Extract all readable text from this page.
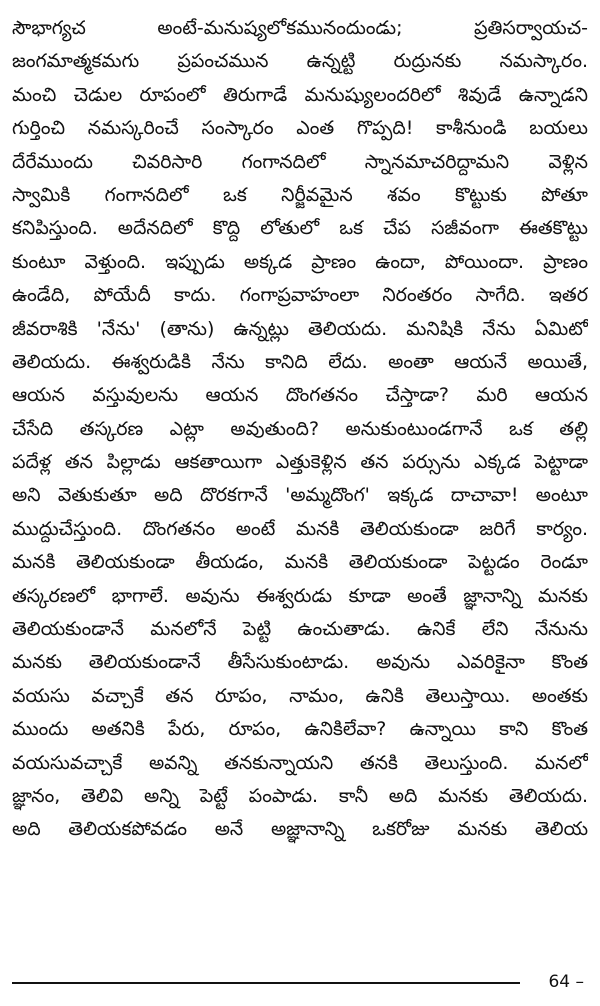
సౌభాగ్యచ అంటే-మనుష్యలోకమునందుండు; ప్రతిసర్వాయచ-
జంగమాత్మకమగు ప్రపంచమున ఉన్నట్టి రుద్రునకు నమస్కారం.
మంచి చెడుల రూపంలో తిరుగాడే మనుష్యులందరిలో శివుడే ఉన్నాడని
గుర్తించి నమస్కరించే సంస్కారం ఎంత గొప్పది! కాశీనుండి బయలు
దేరేముందు చివరిసారి గంగానదిలో స్నానమాచరిద్దామని వెళ్లిన
స్వామికి గంగానదిలో ఒక నిర్జీవమైన శవం కొట్టుకు పోతూ
కనిపిస్తుంది. అదేనదిలో కొద్ది లోతులో ఒక చేప సజీవంగా ఈతకొట్టు
కుంటూ వెళ్తుంది. ఇప్పుడు అక్కడ ప్రాణం ఉందా, పోయిందా. ప్రాణం
ఉండేది, పోయేదీ కాదు. గంగాప్రవాహంలా నిరంతరం సాగేది. ఇతర
జీవరాశికి 'నేను' (తాను) ఉన్నట్లు తెలియదు. మనిషికి నేను ఏమిటో
తెలియదు. ఈశ్వరుడికి నేను కానిది లేదు. అంతా ఆయనే అయితే,
ఆయన వస్తువులను ఆయన దొంగతనం చేస్తాడా? మరి ఆయన
చేసేది తస్కరణ ఎట్లా అవుతుంది? అనుకుంటుండగానే ఒక తల్లి
పదేళ్ల తన పిల్లాడు ఆకతాయిగా ఎత్తుకెళ్లిన తన పర్సును ఎక్కడ పెట్టాడా
అని వెతుకుతూ అది దొరకగానే 'అమ్మదొంగ' ఇక్కడ దాచావా! అంటూ
ముద్దుచేస్తుంది. దొంగతనం అంటే మనకి తెలియకుండా జరిగే కార్యం.
మనకి తెలియకుండా తీయడం, మనకి తెలియకుండా పెట్టడం రెండూ
తస్కరణలో భాగాలే. అవును ఈశ్వరుడు కూడా అంతే జ్ఞానాన్ని మనకు
తెలియకుండానే మనలోనే పెట్టి ఉంచుతాడు. ఉనికే లేని నేనును
మనకు తెలియకుండానే తీసేసుకుంటాడు. అవును ఎవరికైనా కొంత
వయసు వచ్చాకే తన రూపం, నామం, ఉనికి తెలుస్తాయి. అంతకు
ముందు అతనికి పేరు, రూపం, ఉనికిలేవా? ఉన్నాయి కాని కొంత
వయసువచ్చాకే అవన్ని తనకున్నాయని తనకి తెలుస్తుంది. మనలో
జ్ఞానం, తెలివి అన్ని పెట్టే పంపాడు. కానీ అది మనకు తెలియదు.
అది తెలియకపోవడం అనే అజ్ఞానాన్ని ఒకరోజు మనకు తెలియ
64 –
